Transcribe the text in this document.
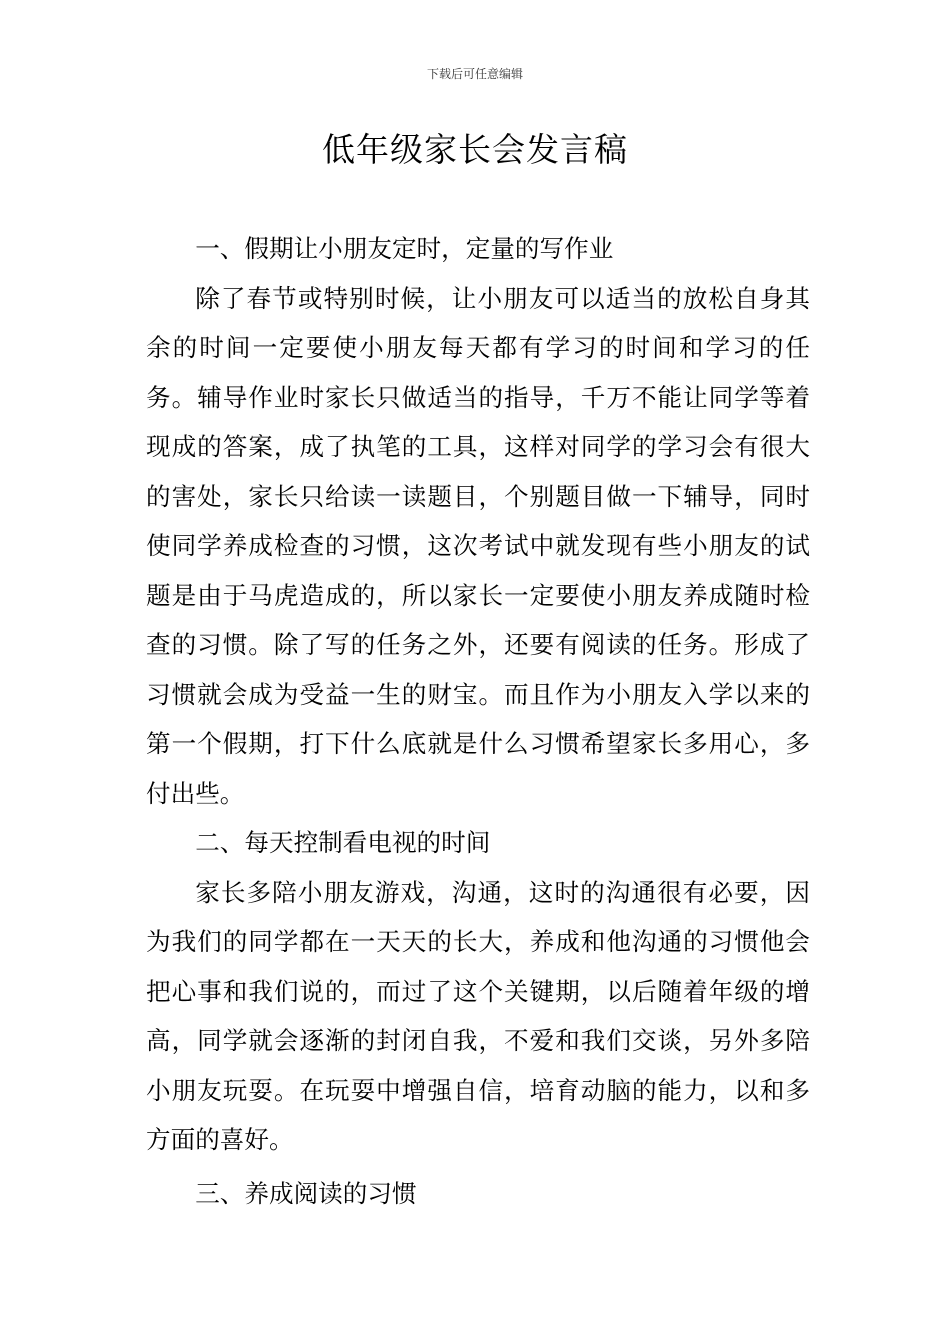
下载后可任意编辑
低年级家长会发言稿

一、假期让小朋友定时，定量的写作业

除了春节或特别时候，让小朋友可以适当的放松自身其余的时间一定要使小朋友每天都有学习的时间和学习的任务。辅导作业时家长只做适当的指导，千万不能让同学等着现成的答案，成了执笔的工具，这样对同学的学习会有很大的害处，家长只给读一读题目，个别题目做一下辅导，同时使同学养成检查的习惯，这次考试中就发现有些小朋友的试题是由于马虎造成的，所以家长一定要使小朋友养成随时检查的习惯。除了写的任务之外，还要有阅读的任务。形成了习惯就会成为受益一生的财宝。而且作为小朋友入学以来的第一个假期，打下什么底就是什么习惯希望家长多用心，多付出些。

二、每天控制看电视的时间

家长多陪小朋友游戏，沟通，这时的沟通很有必要，因为我们的同学都在一天天的长大，养成和他沟通的习惯他会把心事和我们说的，而过了这个关键期，以后随着年级的增高，同学就会逐渐的封闭自我，不爱和我们交谈，另外多陪小朋友玩耍。在玩耍中增强自信，培育动脑的能力，以和多方面的喜好。

三、养成阅读的习惯
